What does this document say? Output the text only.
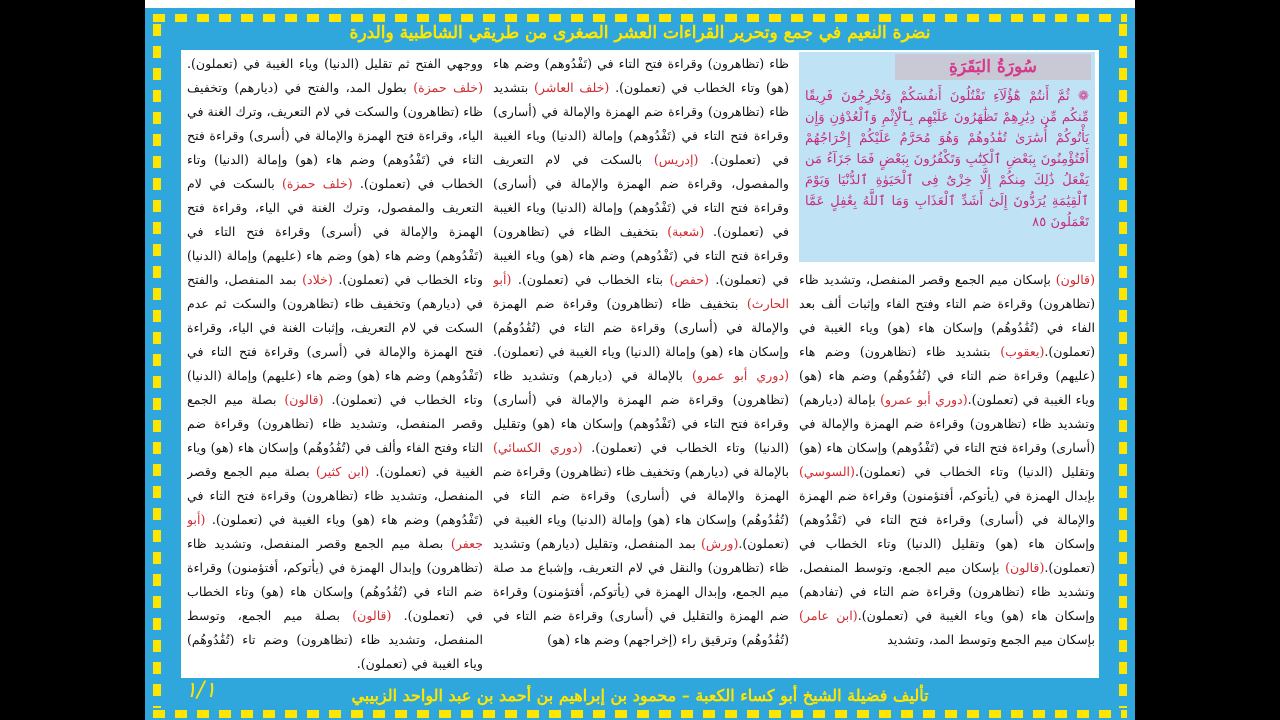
نضرة النعيم في جمع وتحرير القراءات العشر الصغرى من طريقي الشاطبية والدرة
سُورَةُ البَقَرَةِ
❁ ثُمَّ أَنتُمْ هَٰٓؤُلَآءِ تَقْتُلُونَ أَنفُسَكُمْ وَتُخْرِجُونَ فَرِيقًا مِّنكُم مِّن دِيَٰرِهِمْ تَظَٰهَرُونَ عَلَيْهِم بِٱلْإِثْمِ وَٱلْعُدْوَٰنِ وَإِن يَأْتُوكُمْ أُسَٰرَىٰ تُفَٰدُوهُمْ وَهُوَ مُحَرَّمٌ عَلَيْكُمْ إِخْرَاجُهُمْ أَفَتُؤْمِنُونَ بِبَعْضِ ٱلْكِتَٰبِ وَتَكْفُرُونَ بِبَعْضٍ فَمَا جَزَآءُ مَن يَفْعَلُ ذَٰلِكَ مِنكُمْ إِلَّا خِزْىٌ فِى ٱلْحَيَوٰةِ ٱلدُّنْيَا وَيَوْمَ ٱلْقِيَٰمَةِ يُرَدُّونَ إِلَىٰٓ أَشَدِّ ٱلْعَذَابِ وَمَا ٱللَّهُ بِغَٰفِلٍ عَمَّا تَعْمَلُونَ ٨٥

(قالون) بإسكان ميم الجمع وقصر المنفصل، وتشديد ظاء (تظاهرون) وقراءة ضم التاء وفتح الفاء وإثبات ألف بعد الفاء في (تُفَٰدُوهُم) وإسكان هاء (هو) وياء الغيبة في (تعملون).(يعقوب) بتشديد ظاء (تظاهرون) وضم هاء (عليهم) وقراءة ضم التاء في (تُفَٰدُوهُم) وضم هاء (هو) وياء الغيبة في (تعملون).(دوري أبو عمرو) بإمالة (ديارهم) وتشديد ظاء (تظاهرون) وقراءة ضم الهمزة والإمالة في (أسارى) وقراءة فتح التاء في (تَفْدُوهم) وإسكان هاء (هو) وتقليل (الدنيا) وتاء الخطاب في (تعملون).(السوسي) بإبدال الهمزة في (يأتوكم، أفتؤمنون) وقراءة ضم الهمزة والإمالة في (أسارى) وقراءة فتح التاء في (تَفْدُوهم) وإسكان هاء (هو) وتقليل (الدنيا) وتاء الخطاب في (تعملون).(قالون) بإسكان ميم الجمع، وتوسط المنفصل، وتشديد ظاء (تظاهرون) وقراءة ضم التاء في (تفادهم) وإسكان هاء (هو) وياء الغيبة في (تعملون).(ابن عامر) بإسكان ميم الجمع وتوسط المد، وتشديد

ظاء (تظاهرون) وقراءة فتح التاء في (تَفْدُوهم) وضم هاء (هو) وتاء الخطاب في (تعملون). (خلف العاشر) بتشديد ظاء (تظاهرون) وقراءة ضم الهمزة والإمالة في (أسارى) وقراءة فتح التاء في (تَفْدُوهم) وإمالة (الدنيا) وياء الغيبة في (تعملون). (إدريس) بالسكت في لام التعريف والمفصول، وقراءة ضم الهمزة والإمالة في (أسارى) وقراءة فتح التاء في (تَفْدُوهم) وإمالة (الدنيا) وياء الغيبة في (تعملون). (شعبة) بتخفيف الظاء في (تظاهرون) وقراءة فتح التاء في (تَفْدُوهم) وضم هاء (هو) وياء الغيبة في (تعملون). (حفص) بتاء الخطاب في (تعملون). (أبو الحارث) بتخفيف ظاء (تظاهرون) وقراءة ضم الهمزة والإمالة في (أسارى) وقراءة ضم التاء في (تُفَٰدُوهُم) وإسكان هاء (هو) وإمالة (الدنيا) وياء الغيبة في (تعملون). (دوري أبو عمرو) بالإمالة في (ديارهم) وتشديد ظاء (تظاهرون) وقراءة ضم الهمزة والإمالة في (أسارى) وقراءة فتح التاء في (تَفْدُوهم) وإسكان هاء (هو) وتقليل (الدنيا) وتاء الخطاب في (تعملون). (دوري الكسائي) بالإمالة في (ديارهم) وتخفيف ظاء (تظاهرون) وقراءة ضم الهمزة والإمالة في (أسارى) وقراءة ضم التاء في (تُفَٰدُوهُم) وإسكان هاء (هو) وإمالة (الدنيا) وياء الغيبة في (تعملون).(ورش) بمد المنفصل، وتقليل (ديارهم) وتشديد ظاء (تظاهرون) والنقل في لام التعريف، وإشباع مد صلة ميم الجمع، وإبدال الهمزة في (يأتوكم، أفتؤمنون) وقراءة ضم الهمزة والتقليل في (أسارى) وقراءة ضم التاء في (تُفَٰدُوهُم) وترقيق راء (إخراجهم) وضم هاء (هو)

ووجهي الفتح ثم تقليل (الدنيا) وياء الغيبة في (تعملون). (خلف حمزة) بطول المد، والفتح في (ديارهم) وتخفيف ظاء (تظاهرون) والسكت في لام التعريف، وترك الغنة في الياء، وقراءة فتح الهمزة والإمالة في (أسرى) وقراءة فتح التاء في (تَفْدُوهم) وضم هاء (هو) وإمالة (الدنيا) وتاء الخطاب في (تعملون). (خلف حمزة) بالسكت في لام التعريف والمفصول، وترك الغنة في الياء، وقراءة فتح الهمزة والإمالة في (أسرى) وقراءة فتح التاء في (تَفْدُوهم) وضم هاء (هو) وضم هاء (عليهم) وإمالة (الدنيا) وتاء الخطاب في (تعملون). (خلاد) بمد المنفصل، والفتح في (ديارهم) وتخفيف ظاء (تظاهرون) والسكت ثم عدم السكت في لام التعريف، وإثبات الغنة في الياء، وقراءة فتح الهمزة والإمالة في (أسرى) وقراءة فتح التاء في (تَفْدُوهم) وضم هاء (هو) وضم هاء (عليهم) وإمالة (الدنيا) وتاء الخطاب في (تعملون). (قالون) بصلة ميم الجمع وقصر المنفصل، وتشديد ظاء (تظاهرون) وقراءة ضم التاء وفتح الفاء وألف في (تُفَٰدُوهُم) وإسكان هاء (هو) وياء الغيبة في (تعملون). (ابن كثير) بصلة ميم الجمع وقصر المنفصل، وتشديد ظاء (تظاهرون) وقراءة فتح التاء في (تَفْدُوهم) وضم هاء (هو) وياء الغيبة في (تعملون). (أبو جعفر) بصلة ميم الجمع وقصر المنفصل، وتشديد ظاء (تظاهرون) وإبدال الهمزة في (يأتوكم، أفتؤمنون) وقراءة ضم التاء في (تُفَٰدُوهُم) وإسكان هاء (هو) وتاء الخطاب في (تعملون). (قالون) بصلة ميم الجمع، وتوسط المنفصل، وتشديد ظاء (تظاهرون) وضم تاء (تُفَٰدُوهُم) وياء الغيبة في (تعملون).

١/١	تأليف فضيلة الشيخ أبو كساء الكعبة – محمود بن إبراهيم بن أحمد بن عبد الواحد الزبيبي
